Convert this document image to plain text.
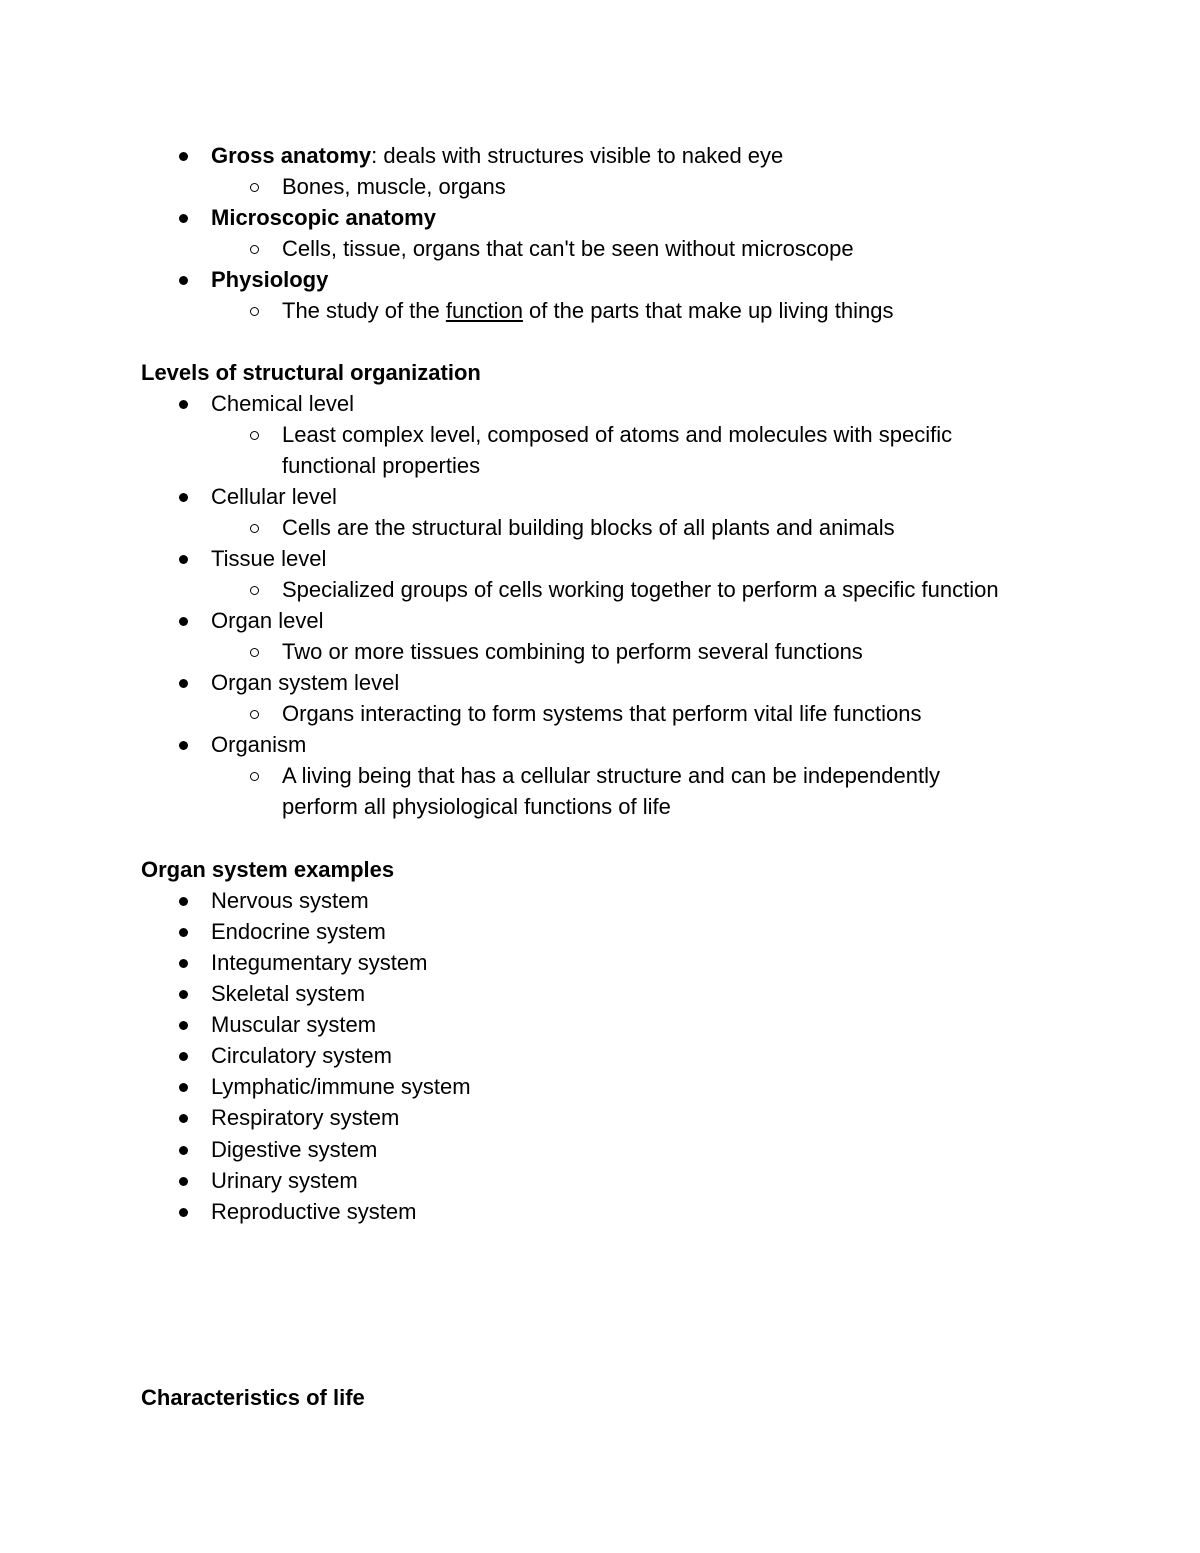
Gross anatomy: deals with structures visible to naked eye
Bones, muscle, organs
Microscopic anatomy
Cells, tissue, organs that can't be seen without microscope
Physiology
The study of the function of the parts that make up living things
Levels of structural organization
Chemical level
Least complex level, composed of atoms and molecules with specific
functional properties
Cellular level
Cells are the structural building blocks of all plants and animals
Tissue level
Specialized groups of cells working together to perform a specific function
Organ level
Two or more tissues combining to perform several functions
Organ system level
Organs interacting to form systems that perform vital life functions
Organism
A living being that has a cellular structure and can be independently
perform all physiological functions of life
Organ system examples
Nervous system
Endocrine system
Integumentary system
Skeletal system
Muscular system
Circulatory system
Lymphatic/immune system
Respiratory system
Digestive system
Urinary system
Reproductive system
Characteristics of life
